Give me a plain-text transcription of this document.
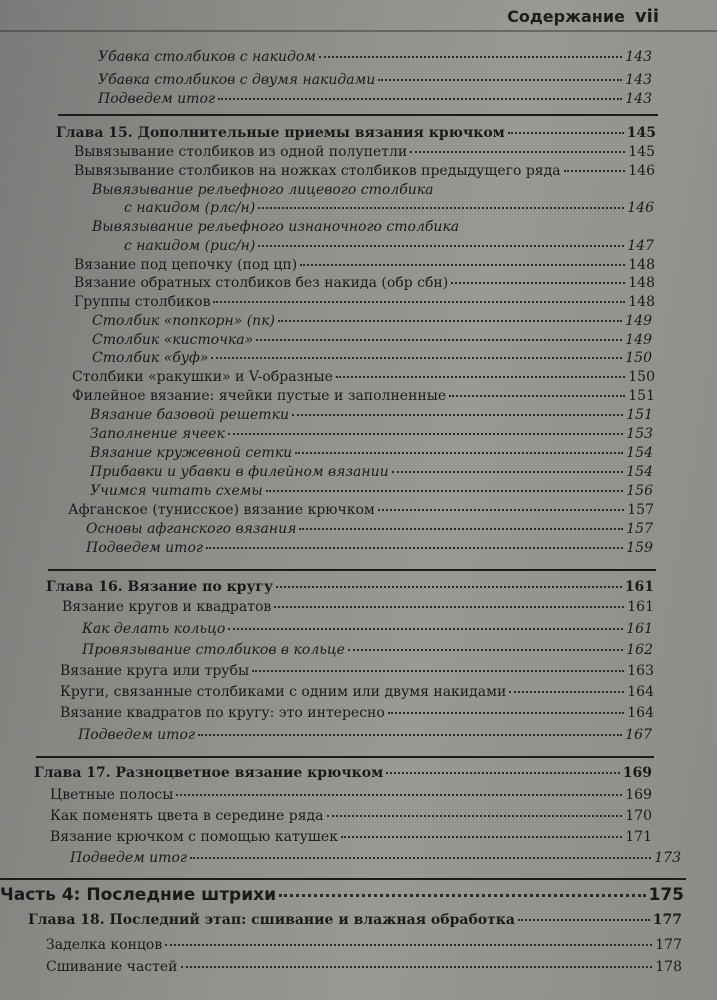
Содержание vii
Убавка столбиков с накидом	143
Убавка столбиков с двумя накидами	143
Подведем итог	143
Глава 15. Дополнительные приемы вязания крючком	145
Вывязывание столбиков из одной полупетли	145
Вывязывание столбиков на ножках столбиков предыдущего ряда	146
Вывязывание рельефного лицевого столбика
с накидом (рлс/н)	146
Вывязывание рельефного изнаночного столбика
с накидом (рис/н)	147
Вязание под цепочку (под цп)	148
Вязание обратных столбиков без накида (обр сбн)	148
Группы столбиков	148
Столбик «попкорн» (пк)	149
Столбик «кисточка»	149
Столбик «буф»	150
Столбики «ракушки» и V-образные	150
Филейное вязание: ячейки пустые и заполненные	151
Вязание базовой решетки	151
Заполнение ячеек	153
Вязание кружевной сетки	154
Прибавки и убавки в филейном вязании	154
Учимся читать схемы	156
Афганское (тунисское) вязание крючком	157
Основы афганского вязания	157
Подведем итог	159
Глава 16. Вязание по кругу	161
Вязание кругов и квадратов	161
Как делать кольцо	161
Провязывание столбиков в кольце	162
Вязание круга или трубы	163
Круги, связанные столбиками с одним или двумя накидами	164
Вязание квадратов по кругу: это интересно	164
Подведем итог	167
Глава 17. Разноцветное вязание крючком	169
Цветные полосы	169
Как поменять цвета в середине ряда	170
Вязание крючком с помощью катушек	171
Подведем итог	173
Часть 4: Последние штрихи	175
Глава 18. Последний этап: сшивание и влажная обработка	177
Заделка концов	177
Сшивание частей	178
